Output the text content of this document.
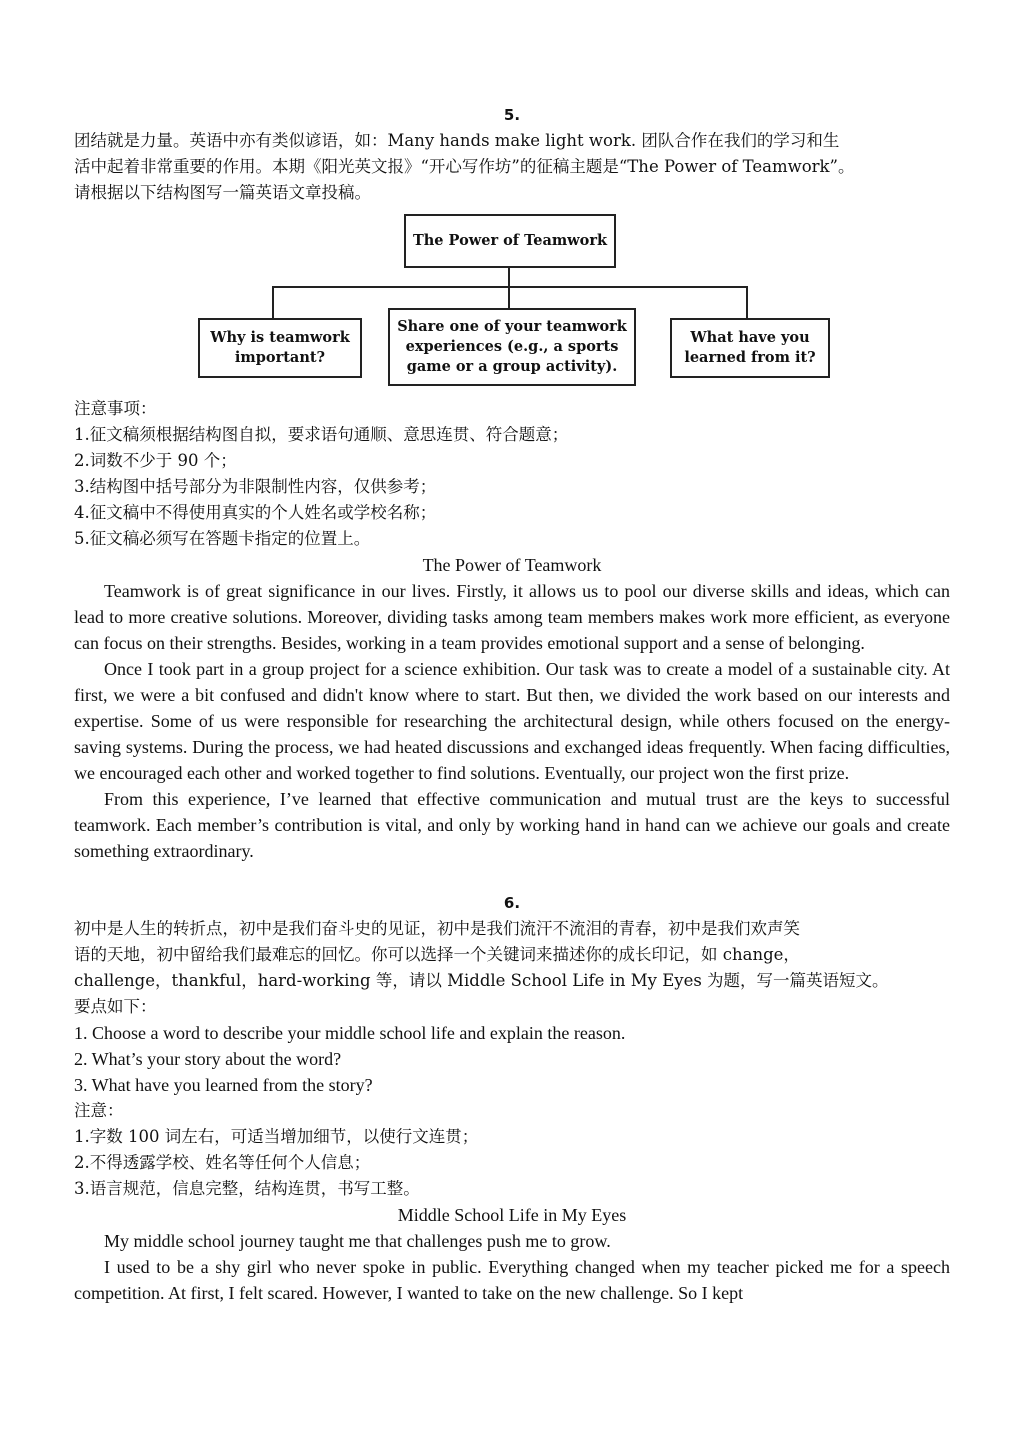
5.
团结就是力量。英语中亦有类似谚语，如：Many hands make light work. 团队合作在我们的学习和生
活中起着非常重要的作用。本期《阳光英文报》“开心写作坊”的征稿主题是“The Power of Teamwork”。
请根据以下结构图写一篇英语文章投稿。
The Power of Teamwork
Why is teamwork important?
Share one of your teamwork experiences (e.g., a sports game or a group activity).
What have you learned from it?
注意事项：
1.征文稿须根据结构图自拟，要求语句通顺、意思连贯、符合题意；
2.词数不少于 90 个；
3.结构图中括号部分为非限制性内容，仅供参考；
4.征文稿中不得使用真实的个人姓名或学校名称；
5.征文稿必须写在答题卡指定的位置上。
The Power of Teamwork
Teamwork is of great significance in our lives. Firstly, it allows us to pool our diverse skills and ideas, which can lead to more creative solutions. Moreover, dividing tasks among team members makes work more efficient, as everyone can focus on their strengths. Besides, working in a team provides emotional support and a sense of belonging.
Once I took part in a group project for a science exhibition. Our task was to create a model of a sustainable city. At first, we were a bit confused and didn't know where to start. But then, we divided the work based on our interests and expertise. Some of us were responsible for researching the architectural design, while others focused on the energy-saving systems. During the process, we had heated discussions and exchanged ideas frequently. When facing difficulties, we encouraged each other and worked together to find solutions. Eventually, our project won the first prize.
From this experience, I’ve learned that effective communication and mutual trust are the keys to successful teamwork. Each member’s contribution is vital, and only by working hand in hand can we achieve our goals and create something extraordinary.
6.
初中是人生的转折点，初中是我们奋斗史的见证，初中是我们流汗不流泪的青春，初中是我们欢声笑
语的天地，初中留给我们最难忘的回忆。你可以选择一个关键词来描述你的成长印记，如 change，
challenge，thankful，hard-working 等，请以 Middle School Life in My Eyes 为题，写一篇英语短文。
要点如下：
1. Choose a word to describe your middle school life and explain the reason.
2. What’s your story about the word?
3. What have you learned from the story?
注意：
1.字数 100 词左右，可适当增加细节，以使行文连贯；
2.不得透露学校、姓名等任何个人信息；
3.语言规范，信息完整，结构连贯，书写工整。
Middle School Life in My Eyes
My middle school journey taught me that challenges push me to grow.
I used to be a shy girl who never spoke in public. Everything changed when my teacher picked me for a speech competition. At first, I felt scared. However, I wanted to take on the new challenge. So I kept
